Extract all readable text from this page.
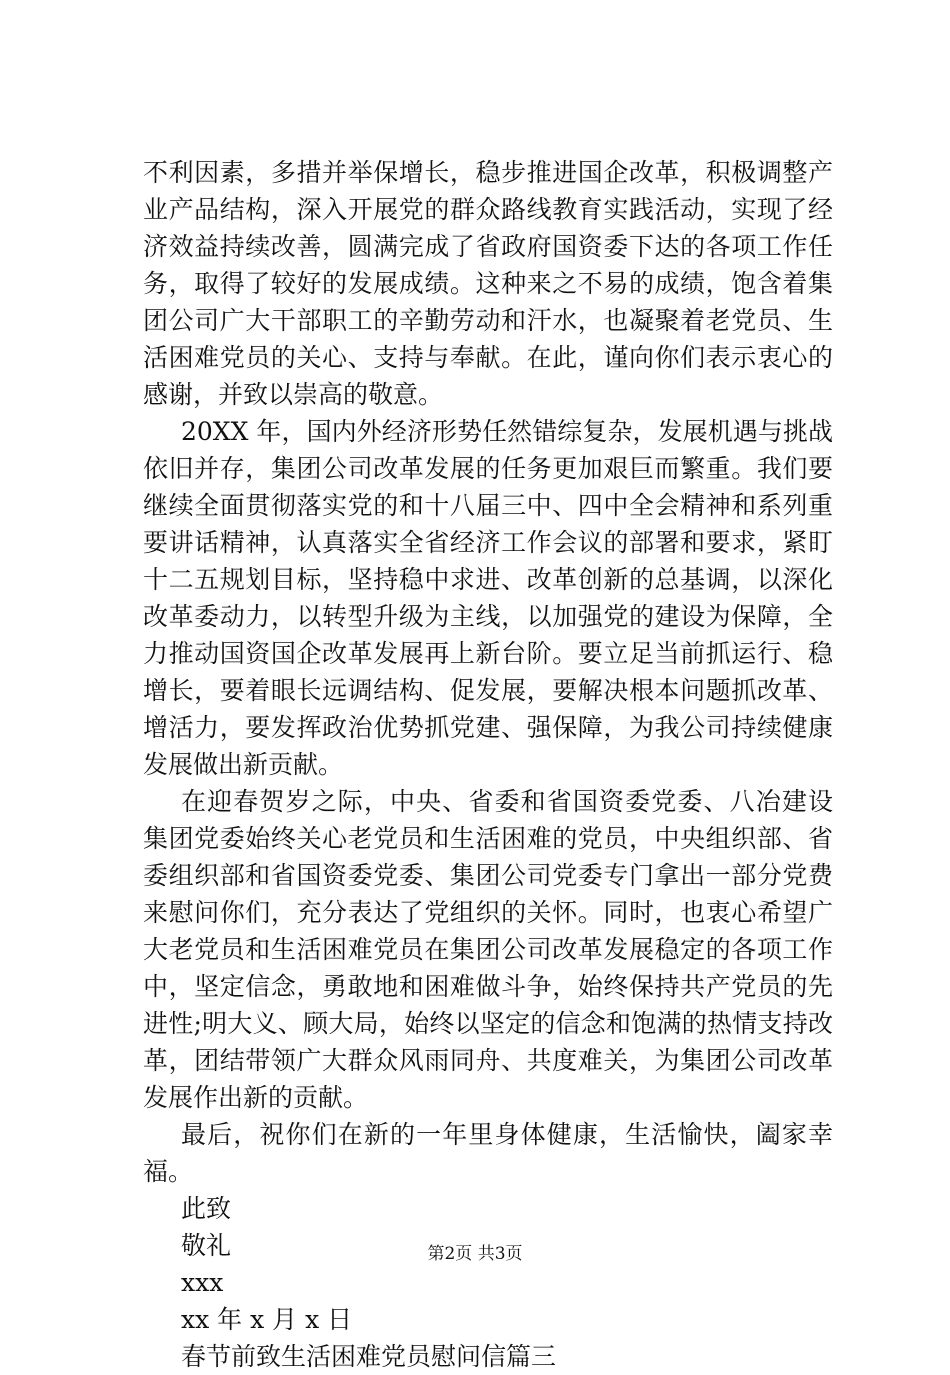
不利因素，多措并举保增长，稳步推进国企改革，积极调整产
业产品结构，深入开展党的群众路线教育实践活动，实现了经
济效益持续改善，圆满完成了省政府国资委下达的各项工作任
务，取得了较好的发展成绩。这种来之不易的成绩，饱含着集
团公司广大干部职工的辛勤劳动和汗水，也凝聚着老党员、生
活困难党员的关心、支持与奉献。在此，谨向你们表示衷心的
感谢，并致以崇高的敬意。
20XX 年，国内外经济形势任然错综复杂，发展机遇与挑战
依旧并存，集团公司改革发展的任务更加艰巨而繁重。我们要
继续全面贯彻落实党的和十八届三中、四中全会精神和系列重
要讲话精神，认真落实全省经济工作会议的部署和要求，紧盯
十二五规划目标，坚持稳中求进、改革创新的总基调，以深化
改革委动力，以转型升级为主线，以加强党的建设为保障，全
力推动国资国企改革发展再上新台阶。要立足当前抓运行、稳
增长，要着眼长远调结构、促发展，要解决根本问题抓改革、
增活力，要发挥政治优势抓党建、强保障，为我公司持续健康
发展做出新贡献。
在迎春贺岁之际，中央、省委和省国资委党委、八冶建设
集团党委始终关心老党员和生活困难的党员，中央组织部、省
委组织部和省国资委党委、集团公司党委专门拿出一部分党费
来慰问你们，充分表达了党组织的关怀。同时，也衷心希望广
大老党员和生活困难党员在集团公司改革发展稳定的各项工作
中，坚定信念，勇敢地和困难做斗争，始终保持共产党员的先
进性;明大义、顾大局，始终以坚定的信念和饱满的热情支持改
革，团结带领广大群众风雨同舟、共度难关，为集团公司改革
发展作出新的贡献。
最后，祝你们在新的一年里身体健康，生活愉快，阖家幸
福。
此致
敬礼
xxx
xx 年 x 月 x 日
春节前致生活困难党员慰问信篇三
第2页 共3页
